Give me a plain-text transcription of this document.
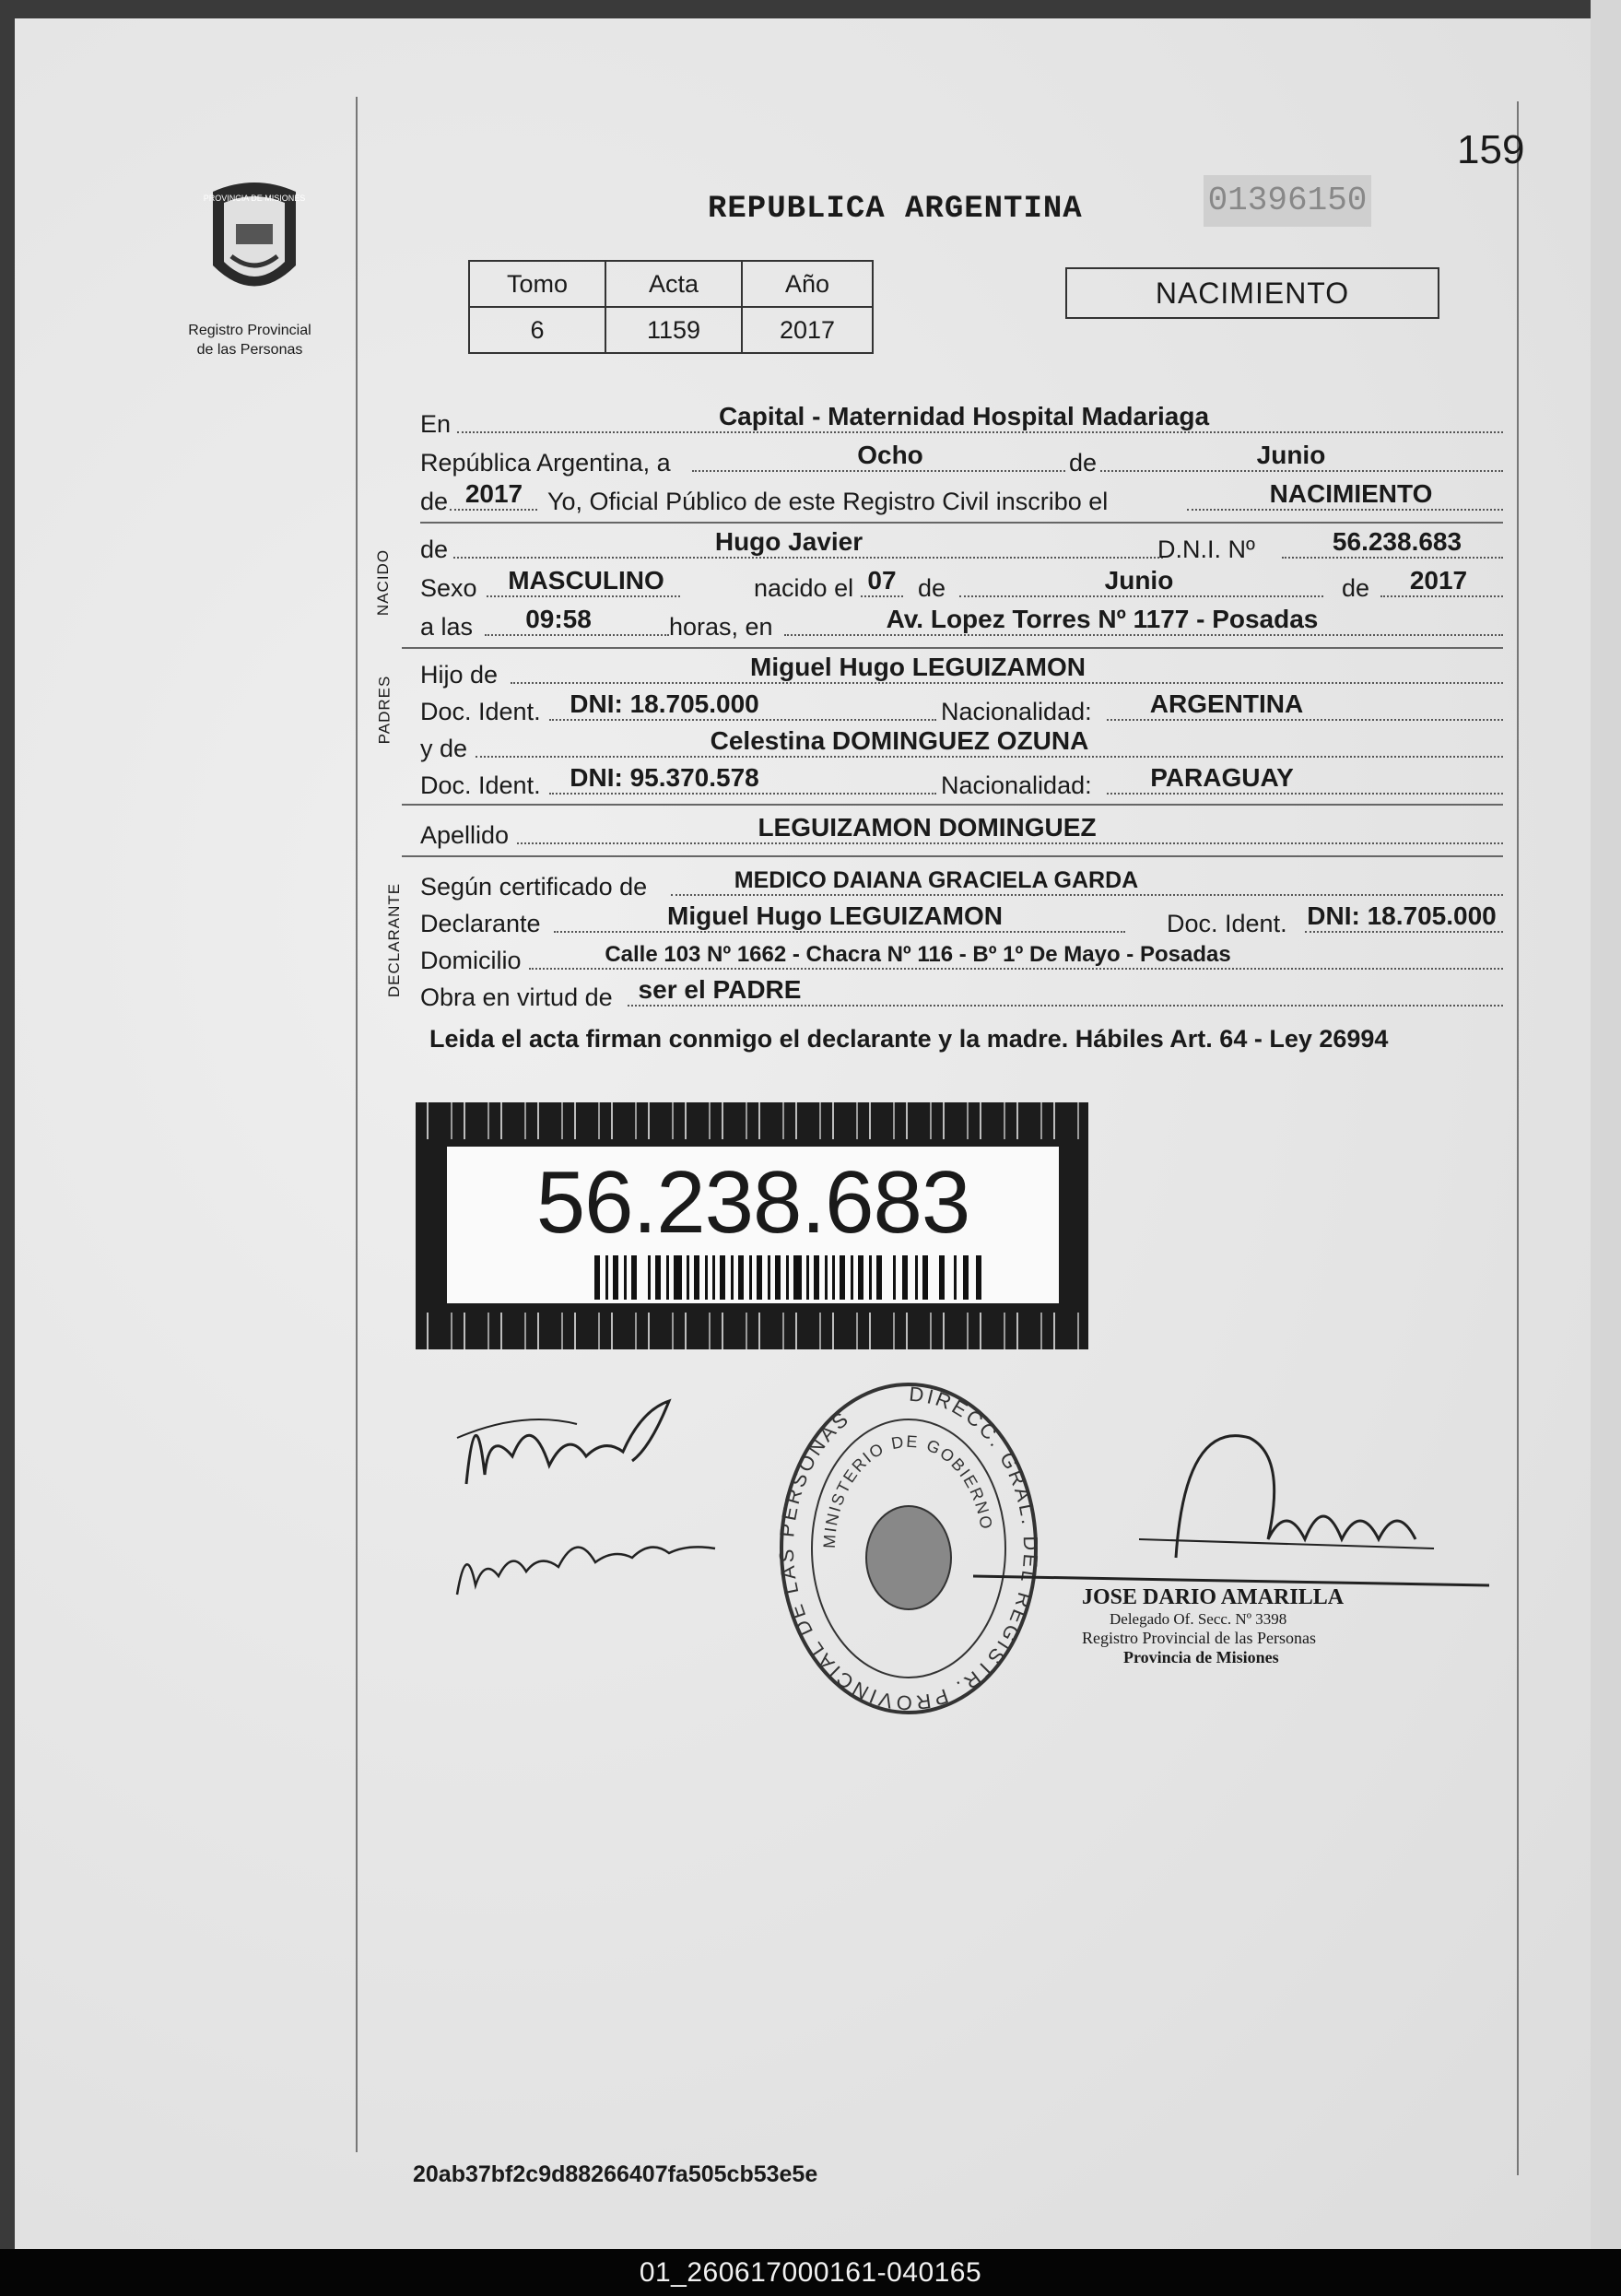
159
REPUBLICA ARGENTINA	01396150
PROVINCIA DE MISIONES
Registro Provincial
de las Personas
Tomo	Acta	Año
6	1159	2017
NACIMIENTO
En	Capital - Maternidad Hospital Madariaga
República Argentina, a	Ocho	de	Junio
de 2017 Yo, Oficial Público de este Registro Civil inscribo el	NACIMIENTO
NACIDO de	Hugo Javier	D.N.I. Nº	56.238.683
Sexo	MASCULINO	nacido el 07 de	Junio	de	2017
a las	09:58	horas, en	Av. Lopez Torres Nº 1177 - Posadas
PADRES
Hijo de	Miguel Hugo LEGUIZAMON
Doc. Ident. DNI: 18.705.000	Nacionalidad:	ARGENTINA
y de	Celestina DOMINGUEZ OZUNA
Doc. Ident. DNI: 95.370.578	Nacionalidad:	PARAGUAY
Apellido	LEGUIZAMON DOMINGUEZ
DECLARANTE Según certificado de	MEDICO DAIANA GRACIELA GARDA
Declarante	Miguel Hugo LEGUIZAMON	Doc. Ident. DNI: 18.705.000
Domicilio	Calle 103 Nº 1662 - Chacra Nº 116 - Bº 1º De Mayo - Posadas
Obra en virtud de ser el PADRE
Leida el acta firman conmigo el declarante y la madre. Hábiles Art. 64 - Ley 26994
56.238.683
DIRECC. GRAL. DEL REGISTR. PROVINCIAL DE LAS PERSONAS
MINISTERIO DE GOBIERNO
JOSE DARIO AMARILLA
Delegado Of. Secc. Nº 3398
Registro Provincial de las Personas
Provincia de Misiones
20ab37bf2c9d88266407fa505cb53e5e
01_260617000161-040165
